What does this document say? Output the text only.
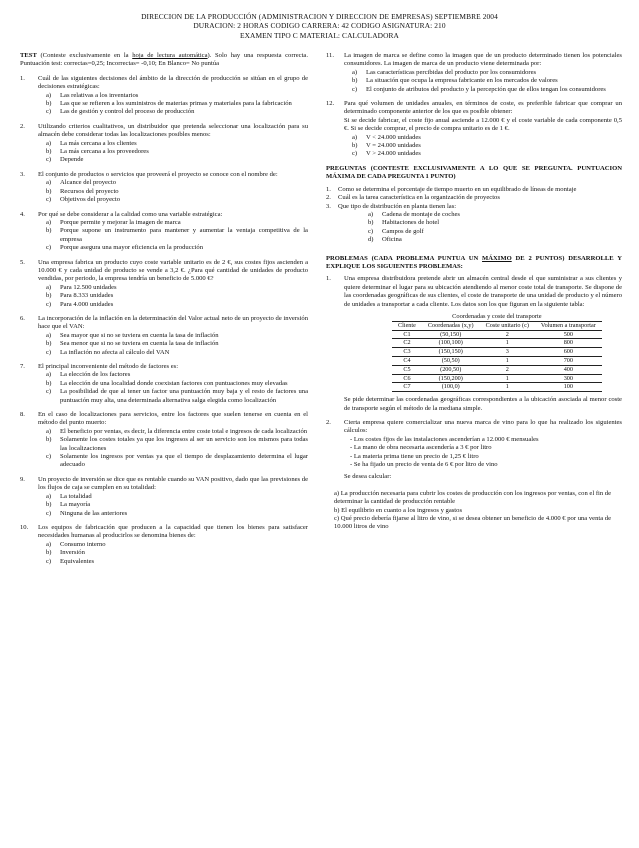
DIRECCION DE LA PRODUCCIÓN (ADMINISTRACION Y DIRECCION DE EMPRESAS) SEPTIEMBRE 2004
DURACION: 2 HORAS CODIGO CARRERA: 42 CODIGO ASIGNATURA: 210
EXAMEN TIPO C MATERIAL: CALCULADORA
TEST (Conteste exclusivamente en la hoja de lectura automática). Solo hay una respuesta correcta. Puntuación test: correctas=0,25; Incorrectas= -0,10; En Blanco= No puntúa
1.	Cuál de las siguientes decisiones del ámbito de la dirección de producción se sitúan en el grupo de decisiones estratégicas:
a)	Las relativas a los inventarios
b)	Las que se refieren a los suministros de materias primas y materiales para la fabricación
c)	Las de gestión y control del proceso de producción
2.	Utilizando criterios cualitativos, un distribuidor que pretenda seleccionar una localización para su almacén debe considerar todas las localizaciones posibles menos:
a)	La más cercana a los clientes
b)	La más cercana a los proveedores
c)	Depende
3.	El conjunto de productos o servicios que proveerá el proyecto se conoce con el nombre de:
a)	Alcance del proyecto
b)	Recursos del proyecto
c)	Objetivos del proyecto
4.	Por qué se debe considerar a la calidad como una variable estratégica:
a)	Porque permite y mejorar la imagen de marca
b)	Porque supone un instrumento para mantener y aumentar la ventaja competitiva de la empresa
c)	Porque asegura una mayor eficiencia en la producción
5.	Una empresa fabrica un producto cuyo coste variable unitario es de 2 €, sus costes fijos ascienden a 10.000 € y cada unidad de producto se vende a 3,2 €. ¿Para qué cantidad de unidades de producto vendidas, por periodo, la empresa tendría un beneficio de 5.000 €?
a)	Para 12.500 unidades
b)	Para 8.333 unidades
c)	Para 4.000 unidades
6.	La incorporación de la inflación en la determinación del Valor actual neto de un proyecto de inversión hace que el VAN:
a)	Sea mayor que si no se tuviera en cuenta la tasa de inflación
b)	Sea menor que si no se tuviera en cuenta la tasa de inflación
c)	La inflación no afecta al cálculo del VAN
7.	El principal inconveniente del método de factores es:
a)	La elección de los factores
b)	La elección de una localidad donde coexistan factores con puntuaciones muy elevadas
c)	La posibilidad de que al tener un factor una puntuación muy baja y el resto de factores una puntuación muy alta, una determinada alternativa salga elegida como localización
8.	En el caso de localizaciones para servicios, entre los factores que suelen tenerse en cuenta en el método del punto muerto:
a)	El beneficio por ventas, es decir, la diferencia entre coste total e ingresos de cada localización
b)	Solamente los costes totales ya que los ingresos al ser un servicio son los mismos para todas las localizaciones
c)	Solamente los ingresos por ventas ya que el tiempo de desplazamiento determina el lugar adecuado
9.	Un proyecto de inversión se dice que es rentable cuando su VAN positivo, dado que las previsiones de los flujos de caja se cumplen en su totalidad:
a)	La totalidad
b)	La mayoría
c)	Ninguna de las anteriores
10.	Los equipos de fabricación que producen a la capacidad que tienen los bienes para satisfacer necesidades humanas al producirlos se denomina bienes de:
a)	Consumo interno
b)	Inversión
c)	Equivalentes
11.	La imagen de marca se define como la imagen que de un producto determinado tienen los potenciales consumidores. La imagen de marca de un producto viene determinada por:
a)	Las características percibidas del producto por los consumidores
b)	La situación que ocupa la empresa fabricante en los mercados de valores
c)	El conjunto de atributos del producto y la percepción que de ellos tengan los consumidores
12.	Para qué volumen de unidades anuales, en términos de coste, es preferible fabricar que comprar un determinado componente anterior de los que es posible obtener:
Si se decide fabricar, el coste fijo anual asciende a 12.000 € y el coste variable de cada componente 0,5 €. Si se decide comprar, el precio de compra unitario es de 1 €.
a)	V < 24.000 unidades
b)	V = 24.000 unidades
c)	V > 24.000 unidades
PREGUNTAS (CONTESTE EXCLUSIVAMENTE A LO QUE SE PREGUNTA. PUNTUACION MÁXIMA DE CADA PREGUNTA 1 PUNTO)
1.	Como se determina el porcentaje de tiempo muerto en un equilibrado de líneas de montaje
2.	Cuál es la tarea característica en la organización de proyectos
3.	Que tipo de distribución en planta tienen las:
a)	Cadena de montaje de coches
b)	Habitaciones de hotel
c)	Campos de golf
d)	Oficina
PROBLEMAS (CADA PROBLEMA PUNTUA UN MÁXIMO DE 2 PUNTOS) DESARROLLE Y EXPLIQUE LOS SIGUIENTES PROBLEMAS:
1.	Una empresa distribuidora pretende abrir un almacén central desde el que suministrar a sus clientes y quiere determinar el lugar para su ubicación atendiendo al menor coste total de transporte. Se dispone de las coordenadas geográficas de sus clientes, el coste de transporte de una unidad de producto y el número de unidades a transportar a cada cliente. Los datos son los que figuran en la siguiente tabla:
Coordenadas y coste del transporte
Cliente	Coordenadas (x,y)	Coste unitario (c)	Volumen a transportar
C1	(50,150)	2	500
C2	(100,100)	1	800
C3	(150,150)	3	600
C4	(50,50)	1	700
C5	(200,50)	2	400
C6	(150,200)	1	300
C7	(100,0)	1	100
Se pide determinar las coordenadas geográficas correspondientes a la ubicación asociada al menor coste de transporte según el método de la mediana simple.
2.	Cierta empresa quiere comercializar una nueva marca de vino para lo que ha realizado los siguientes cálculos:
- Los costes fijos de las instalaciones ascenderían a 12.000 € mensuales
- La mano de obra necesaria ascendería a 3 € por litro
- La materia prima tiene un precio de 1,25 € litro
- Se ha fijado un precio de venta de 6 € por litro de vino
Se desea calcular:
a) La producción necesaria para cubrir los costes de producción con los ingresos por ventas, con el fin de determinar la cantidad de producción rentable
b) El equilibrio en cuanto a los ingresos y gastos
c) Qué precio debería fijarse al litro de vino, si se desea obtener un beneficio de 4.000 € por una venta de 10.000 litros de vino
